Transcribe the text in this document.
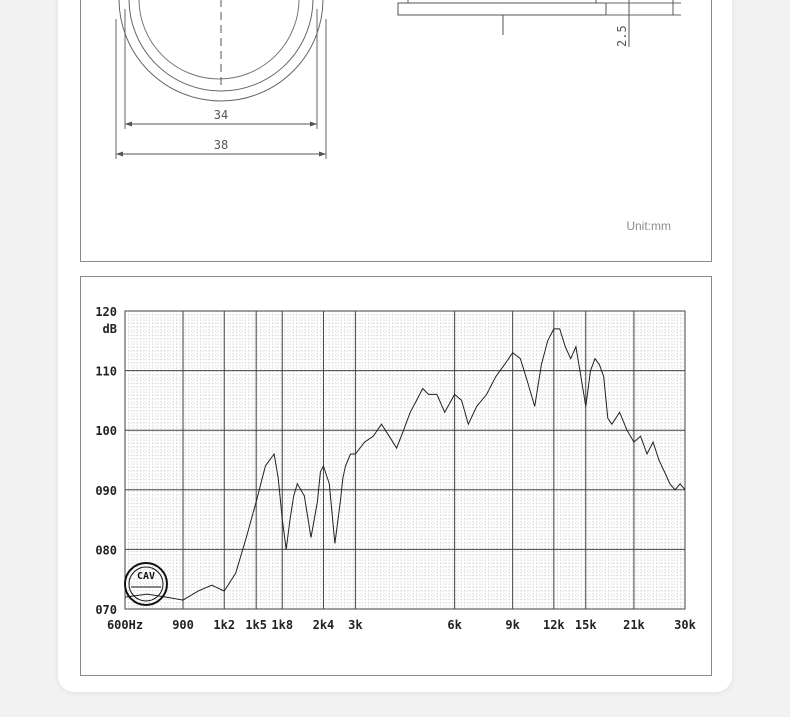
34
38
2.5
Unit:mm
600Hz 900 1k2 1k5 1k8 2k4 3k	6k	9k 12k 15k 21k 30k
070
080
090
100
110
120
dB
CAV
